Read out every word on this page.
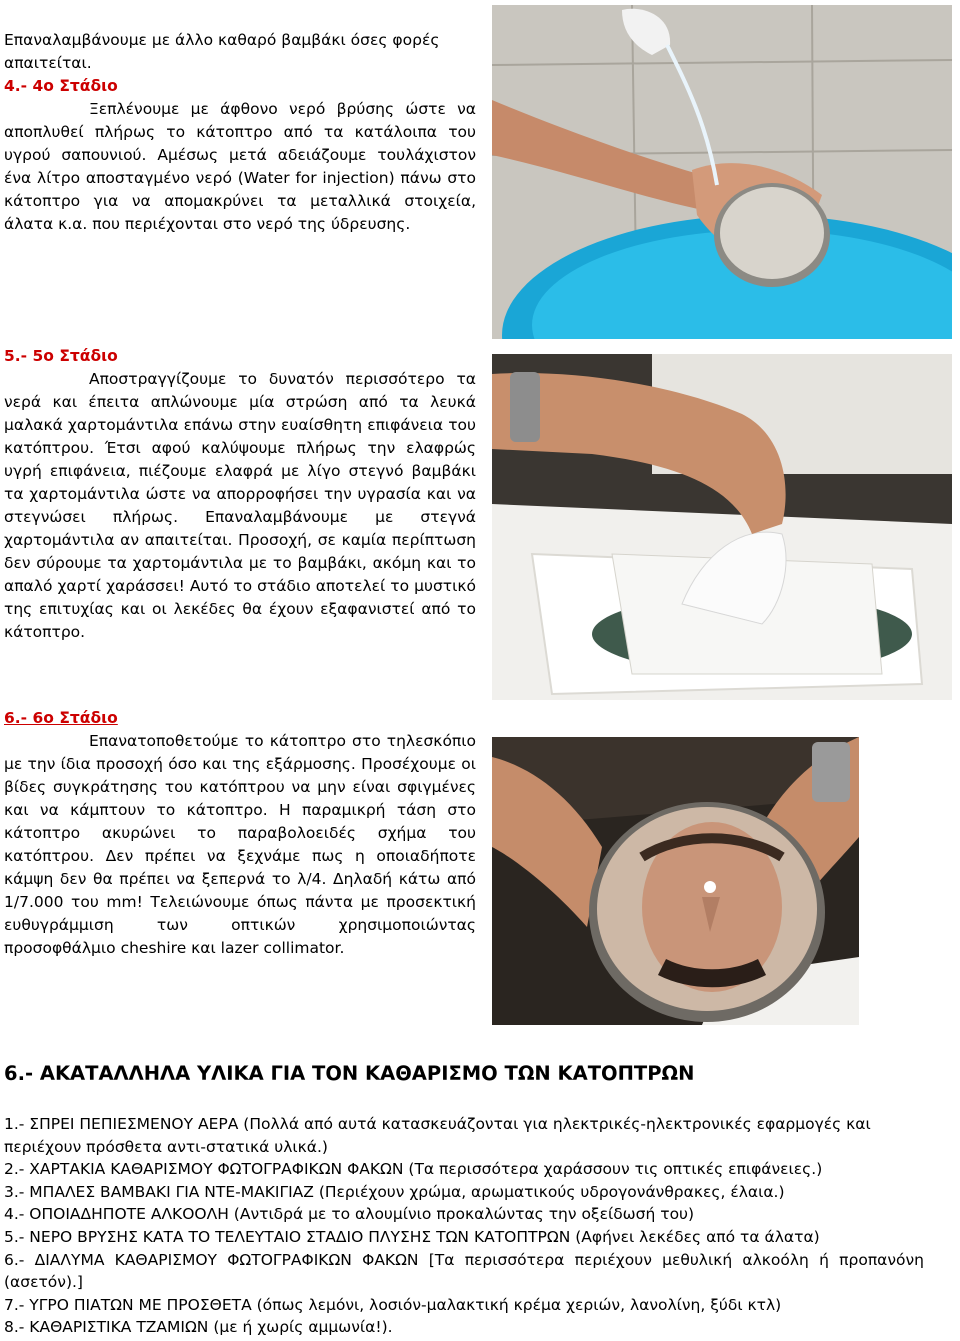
Επαναλαμβάνουμε με άλλο καθαρό βαμβάκι όσες φορές
απαιτείται.
4.- 4ο Στάδιο
Ξεπλένουμε με άφθονο νερό βρύσης ώστε να αποπλυθεί πλήρως το κάτοπτρο από τα κατάλοιπα του υγρού σαπουνιού. Αμέσως μετά αδειάζουμε τουλάχιστον ένα λίτρο αποσταγμένο νερό (Water for injection) πάνω στο κάτοπτρο για να απομακρύνει τα μεταλλικά στοιχεία, άλατα κ.α. που περιέχονται στο νερό της ύδρευσης.
5.- 5ο Στάδιο
Αποστραγγίζουμε το δυνατόν περισσότερο τα νερά και έπειτα απλώνουμε μία στρώση από τα λευκά μαλακά χαρτομάντιλα επάνω στην ευαίσθητη επιφάνεια του κατόπτρου. Έτσι αφού καλύψουμε πλήρως την ελαφρώς υγρή επιφάνεια, πιέζουμε ελαφρά με λίγο στεγνό βαμβάκι τα χαρτομάντιλα ώστε να απορροφήσει την υγρασία και να στεγνώσει πλήρως. Επαναλαμβάνουμε με στεγνά χαρτομάντιλα αν απαιτείται. Προσοχή, σε καμία περίπτωση δεν σύρουμε τα χαρτομάντιλα με το βαμβάκι, ακόμη και το απαλό χαρτί χαράσσει! Αυτό το στάδιο αποτελεί το μυστικό της επιτυχίας και οι λεκέδες θα έχουν εξαφανιστεί από το κάτοπτρο.
6.- 6ο Στάδιο
Επανατοποθετούμε το κάτοπτρο στο τηλεσκόπιο με την ίδια προσοχή όσο και της εξάρμοσης. Προσέχουμε οι βίδες συγκράτησης του κατόπτρου να μην είναι σφιγμένες και να κάμπτουν το κάτοπτρο. Η παραμικρή τάση στο κάτοπτρο ακυρώνει το παραβολοειδές σχήμα του κατόπτρου. Δεν πρέπει να ξεχνάμε πως η οποιαδήποτε κάμψη δεν θα πρέπει να ξεπερνά το λ/4. Δηλαδή κάτω από 1/7.000 του mm! Τελειώνουμε όπως πάντα με προσεκτική ευθυγράμμιση των οπτικών χρησιμοποιώντας προσοφθάλμιο cheshire και lazer collimator.
6.- ΑΚΑΤΑΛΛΗΛΑ ΥΛΙΚΑ ΓΙΑ ΤΟΝ ΚΑΘΑΡΙΣΜΟ ΤΩΝ ΚΑΤΟΠΤΡΩΝ

1.- ΣΠΡΕΙ ΠΕΠΙΕΣΜΕΝΟΥ ΑΕΡΑ (Πολλά από αυτά κατασκευάζονται για ηλεκτρικές-ηλεκτρονικές εφαρμογές και περιέχουν πρόσθετα αντι-στατικά υλικά.)

2.- ΧΑΡΤΑΚΙΑ ΚΑΘΑΡΙΣΜΟΥ ΦΩΤΟΓΡΑΦΙΚΩΝ ΦΑΚΩΝ (Τα περισσότερα χαράσσουν τις οπτικές επιφάνειες.)

3.- ΜΠΑΛΕΣ ΒΑΜΒΑΚΙ ΓΙΑ ΝΤΕ-ΜΑΚΙΓΙΑΖ (Περιέχουν χρώμα, αρωματικούς υδρογονάνθρακες, έλαια.)

4.- ΟΠΟΙΑΔΗΠΟΤΕ ΑΛΚΟΟΛΗ (Αντιδρά με το αλουμίνιο προκαλώντας την οξείδωσή του)

5.- ΝΕΡΟ ΒΡΥΣΗΣ ΚΑΤΑ ΤΟ ΤΕΛΕΥΤΑΙΟ ΣΤΑΔΙΟ ΠΛΥΣΗΣ ΤΩΝ ΚΑΤΟΠΤΡΩΝ (Αφήνει λεκέδες από τα άλατα)

6.- ΔΙΑΛΥΜΑ ΚΑΘΑΡΙΣΜΟΥ ΦΩΤΟΓΡΑΦΙΚΩΝ ΦΑΚΩΝ [Τα περισσότερα περιέχουν μεθυλική αλκοόλη ή προπανόνη (ασετόν).]

7.- ΥΓΡΟ ΠΙΑΤΩΝ ΜΕ ΠΡΟΣΘΕΤΑ (όπως λεμόνι, λοσιόν-μαλακτική κρέμα χεριών, λανολίνη, ξύδι κτλ)

8.- ΚΑΘΑΡΙΣΤΙΚΑ ΤΖΑΜΙΩΝ (με ή χωρίς αμμωνία!).
